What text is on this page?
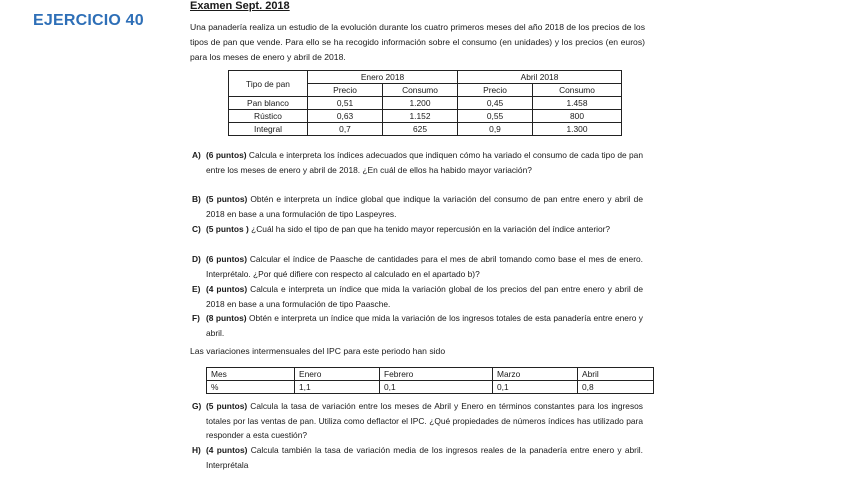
EJERCICIO 40
Examen Sept. 2018
Una panadería realiza un estudio de la evolución durante los cuatro primeros meses del año 2018 de los precios de los tipos de pan que vende. Para ello se ha recogido información sobre el consumo (en unidades) y los precios (en euros) para los meses de enero y abril de 2018.
Tipo de pan	Enero 2018		Abril 2018	
	Precio	Consumo	Precio	Consumo
Pan blanco	0,51	1.200	0,45	1.458
Rústico	0,63	1.152	0,55	800
Integral	0,7	625	0,9	1.300
A) (6 puntos) Calcula e interpreta los índices adecuados que indiquen cómo ha variado el consumo de cada tipo de pan entre los meses de enero y abril de 2018. ¿En cuál de ellos ha habido mayor variación?
B) (5 puntos) Obtén e interpreta un índice global que indique la variación del consumo de pan entre enero y abril de 2018 en base a una formulación de tipo Laspeyres.
C) (5 puntos ) ¿Cuál ha sido el tipo de pan que ha tenido mayor repercusión en la variación del índice anterior?
D) (6 puntos) Calcular el índice de Paasche de cantidades para el mes de abril tomando como base el mes de enero. Interprétalo. ¿Por qué difiere con respecto al calculado en el apartado b)?
E) (4 puntos) Calcula e interpreta un índice que mida la variación global de los precios del pan entre enero y abril de 2018 en base a una formulación de tipo Paasche.
F) (8 puntos) Obtén e interpreta un índice que mida la variación de los ingresos totales de esta panadería entre enero y abril.
Las variaciones intermensuales del IPC para este periodo han sido
Mes	Enero	Febrero	Marzo	Abril
%	1,1	0,1	0,1	0,8
G) (5 puntos) Calcula la tasa de variación entre los meses de Abril y Enero en términos constantes para los ingresos totales por las ventas de pan. Utiliza como deflactor el IPC. ¿Qué propiedades de números índices has utilizado para responder a esta cuestión?
H) (4 puntos) Calcula también la tasa de variación media de los ingresos reales de la panadería entre enero y abril. Interprétala
